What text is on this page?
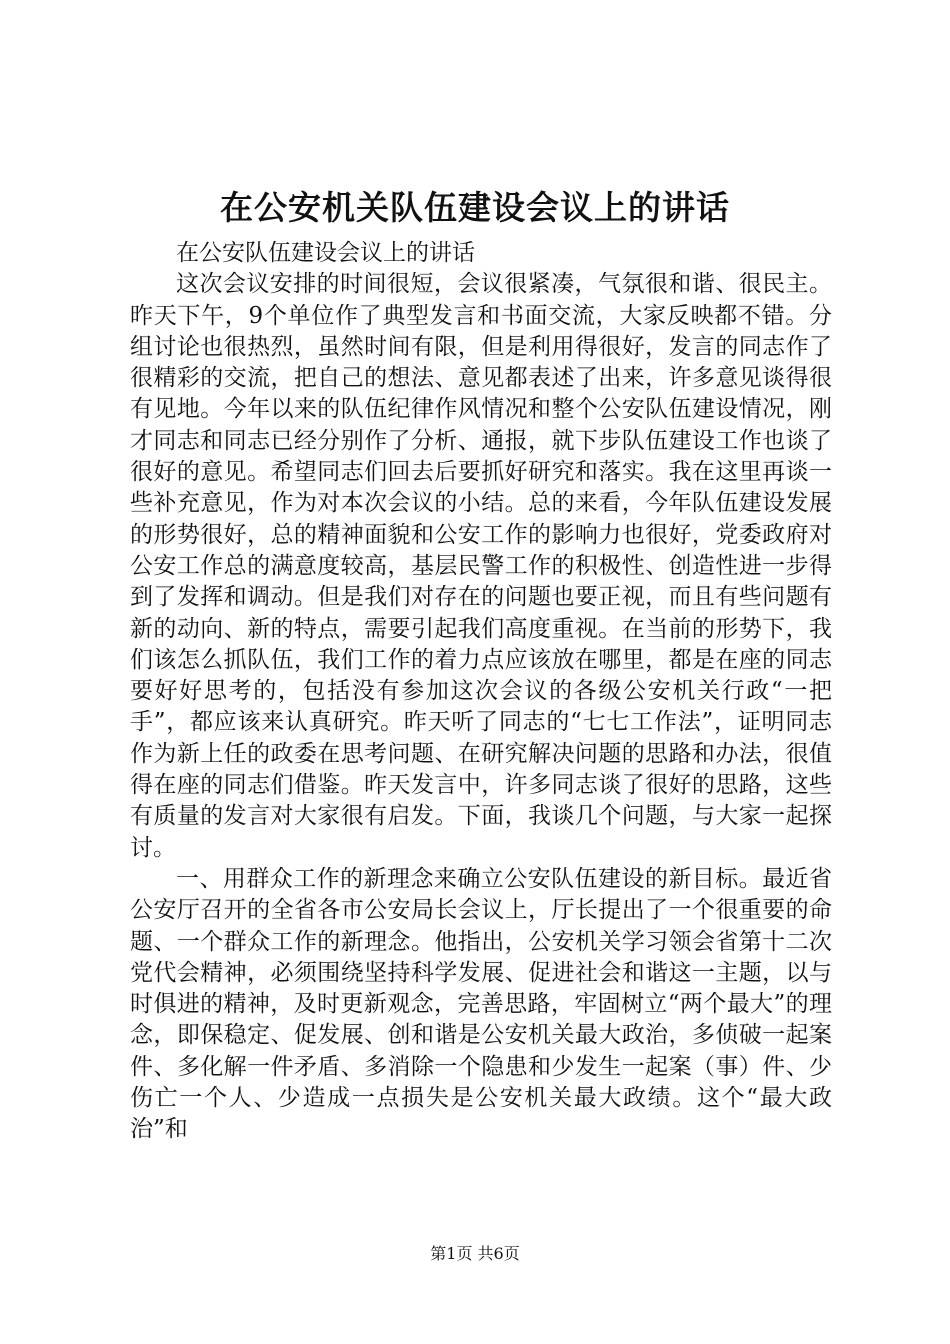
在公安机关队伍建设会议上的讲话

在公安队伍建设会议上的讲话

这次会议安排的时间很短，会议很紧凑，气氛很和谐、很民主。昨天下午，9个单位作了典型发言和书面交流，大家反映都不错。分组讨论也很热烈，虽然时间有限，但是利用得很好，发言的同志作了很精彩的交流，把自己的想法、意见都表述了出来，许多意见谈得很有见地。今年以来的队伍纪律作风情况和整个公安队伍建设情况，刚才同志和同志已经分别作了分析、通报，就下步队伍建设工作也谈了很好的意见。希望同志们回去后要抓好研究和落实。我在这里再谈一些补充意见，作为对本次会议的小结。总的来看，今年队伍建设发展的形势很好，总的精神面貌和公安工作的影响力也很好，党委政府对公安工作总的满意度较高，基层民警工作的积极性、创造性进一步得到了发挥和调动。但是我们对存在的问题也要正视，而且有些问题有新的动向、新的特点，需要引起我们高度重视。在当前的形势下，我们该怎么抓队伍，我们工作的着力点应该放在哪里，都是在座的同志要好好思考的，包括没有参加这次会议的各级公安机关行政“一把手”，都应该来认真研究。昨天听了同志的“七七工作法”，证明同志作为新上任的政委在思考问题、在研究解决问题的思路和办法，很值得在座的同志们借鉴。昨天发言中，许多同志谈了很好的思路，这些有质量的发言对大家很有启发。下面，我谈几个问题，与大家一起探讨。

一、用群众工作的新理念来确立公安队伍建设的新目标。最近省公安厅召开的全省各市公安局长会议上，厅长提出了一个很重要的命题、一个群众工作的新理念。他指出，公安机关学习领会省第十二次党代会精神，必须围绕坚持科学发展、促进社会和谐这一主题，以与时俱进的精神，及时更新观念，完善思路，牢固树立“两个最大”的理念，即保稳定、促发展、创和谐是公安机关最大政治，多侦破一起案件、多化解一件矛盾、多消除一个隐患和少发生一起案（事）件、少伤亡一个人、少造成一点损失是公安机关最大政绩。这个“最大政治”和

第1页 共6页
